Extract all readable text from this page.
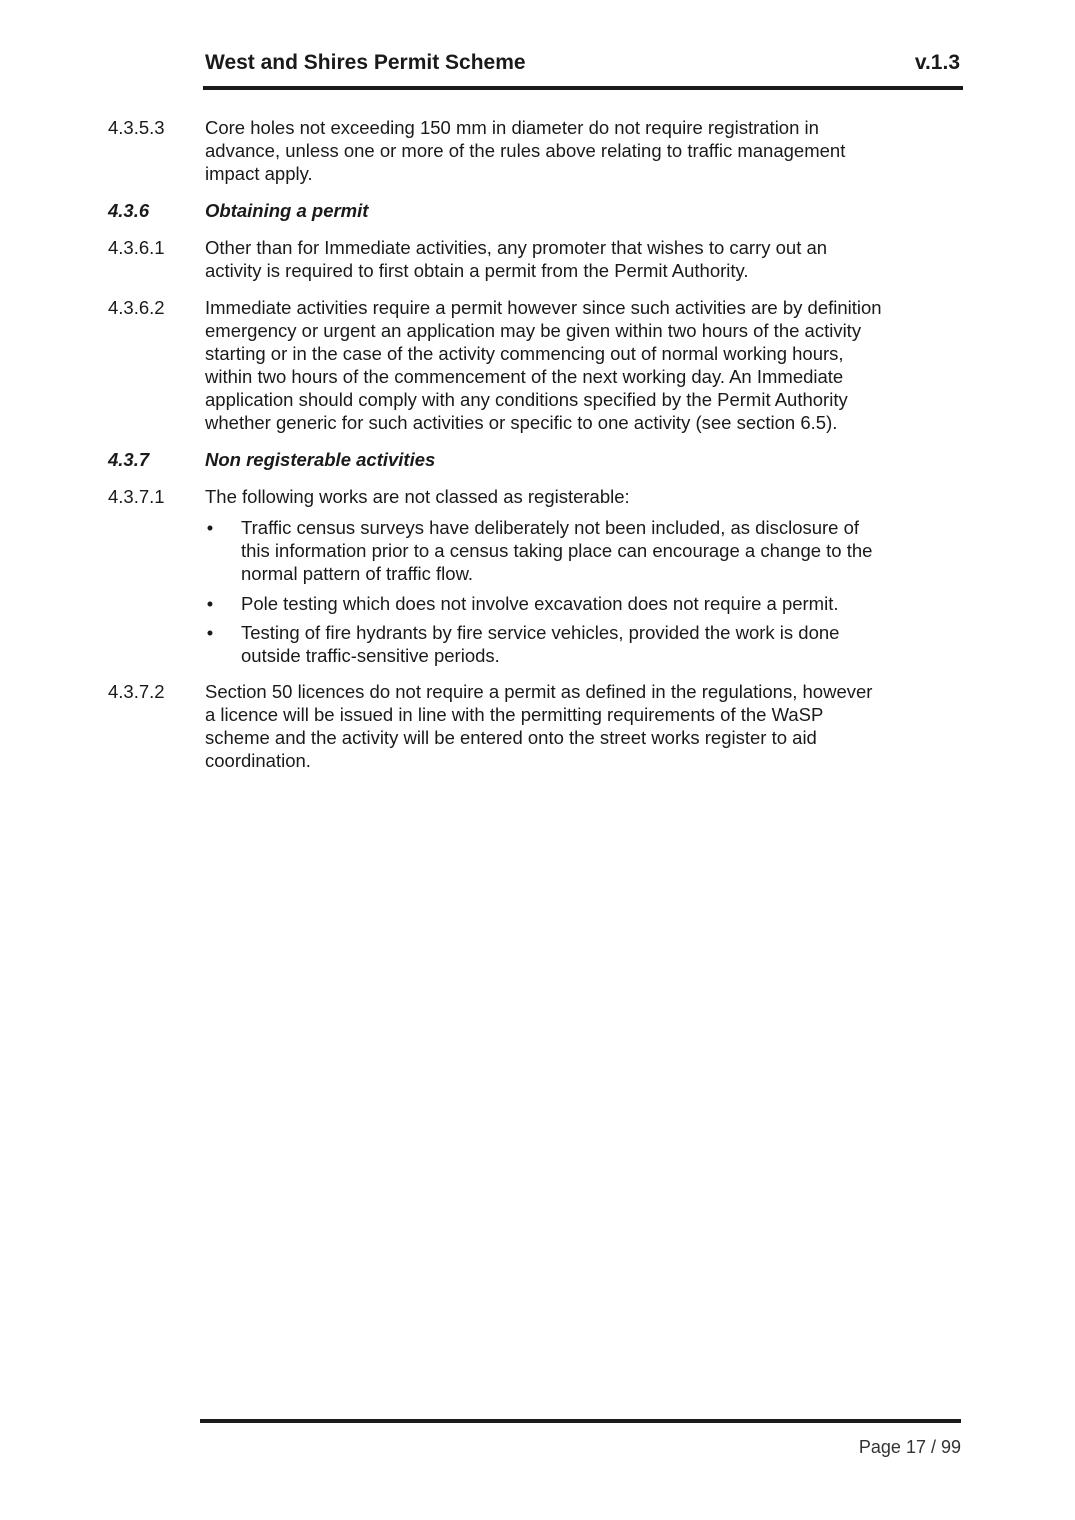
West and Shires Permit Scheme	v.1.3
4.3.5.3 Core holes not exceeding 150 mm in diameter do not require registration in
advance, unless one or more of the rules above relating to traffic management
impact apply.
4.3.6	Obtaining a permit
4.3.6.1 Other than for Immediate activities, any promoter that wishes to carry out an
activity is required to first obtain a permit from the Permit Authority.
4.3.6.2 Immediate activities require a permit however since such activities are by definition
emergency or urgent an application may be given within two hours of the activity
starting or in the case of the activity commencing out of normal working hours,
within two hours of the commencement of the next working day. An Immediate
application should comply with any conditions specified by the Permit Authority
whether generic for such activities or specific to one activity (see section 6.5).
4.3.7	Non registerable activities
4.3.7.1 The following works are not classed as registerable:
• Traffic census surveys have deliberately not been included, as disclosure of
this information prior to a census taking place can encourage a change to the
normal pattern of traffic flow.
• Pole testing which does not involve excavation does not require a permit.
• Testing of fire hydrants by fire service vehicles, provided the work is done
outside traffic-sensitive periods.
4.3.7.2 Section 50 licences do not require a permit as defined in the regulations, however
a licence will be issued in line with the permitting requirements of the WaSP
scheme and the activity will be entered onto the street works register to aid
coordination.
Page 17 / 99
